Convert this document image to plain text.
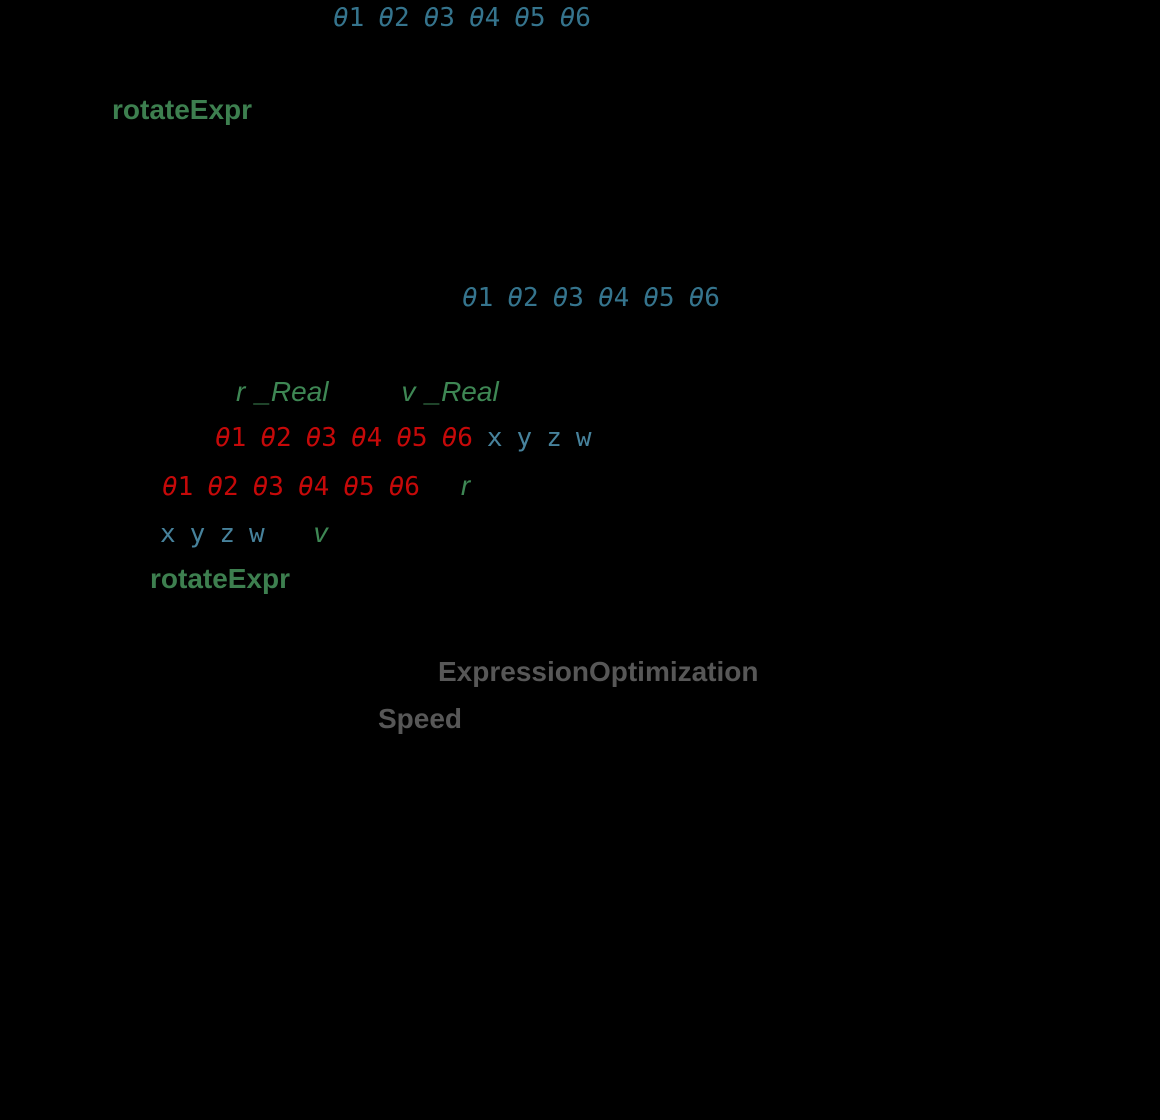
θ1 θ2 θ3 θ4 θ5 θ6
rotateExpr
θ1 θ2 θ3 θ4 θ5 θ6
r _Real	v _Real
θ1 θ2 θ3 θ4 θ5 θ6 x y z w
θ1 θ2 θ3 θ4 θ5 θ6 r
x y z w v
rotateExpr
ExpressionOptimization
Speed
